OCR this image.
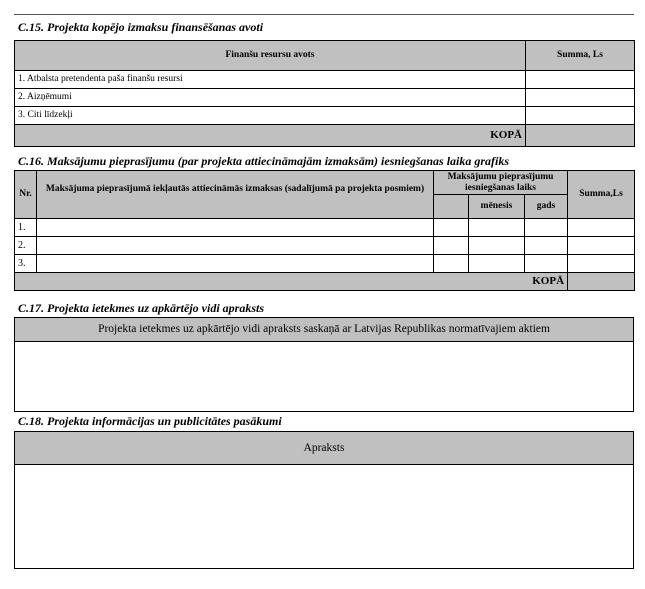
C.15. Projekta kopējo izmaksu finansēšanas avoti
Finanšu resursu avots	Summa, Ls
1. Atbalsta pretendenta pašа finanšu resursi	
2. Aizņēmumi	
3. Citi līdzekļi	
KOPĀ	
C.16. Maksājumu pieprasījumu (par projekta attiecināmajām izmaksām) iesniegšanas laika grafiks
Nr.	Maksājuma pieprasījumā iekļautās attiecināmās izmaksas (sadalījumā pa projekta posmiem)	Maksājumu pieprasījumu iesniegšanas laiks			Summa,Ls
			mēnesis	gads	
1.					
2.					
3.					
KOPĀ					
C.17. Projekta ietekmes uz apkārtējo vidi apraksts
Projekta ietekmes uz apkārtējo vidi apraksts saskaņā ar Latvijas Republikas normatīvajiem aktiem
C.18. Projekta informācijas un publicitātes pasākumi
Apraksts
